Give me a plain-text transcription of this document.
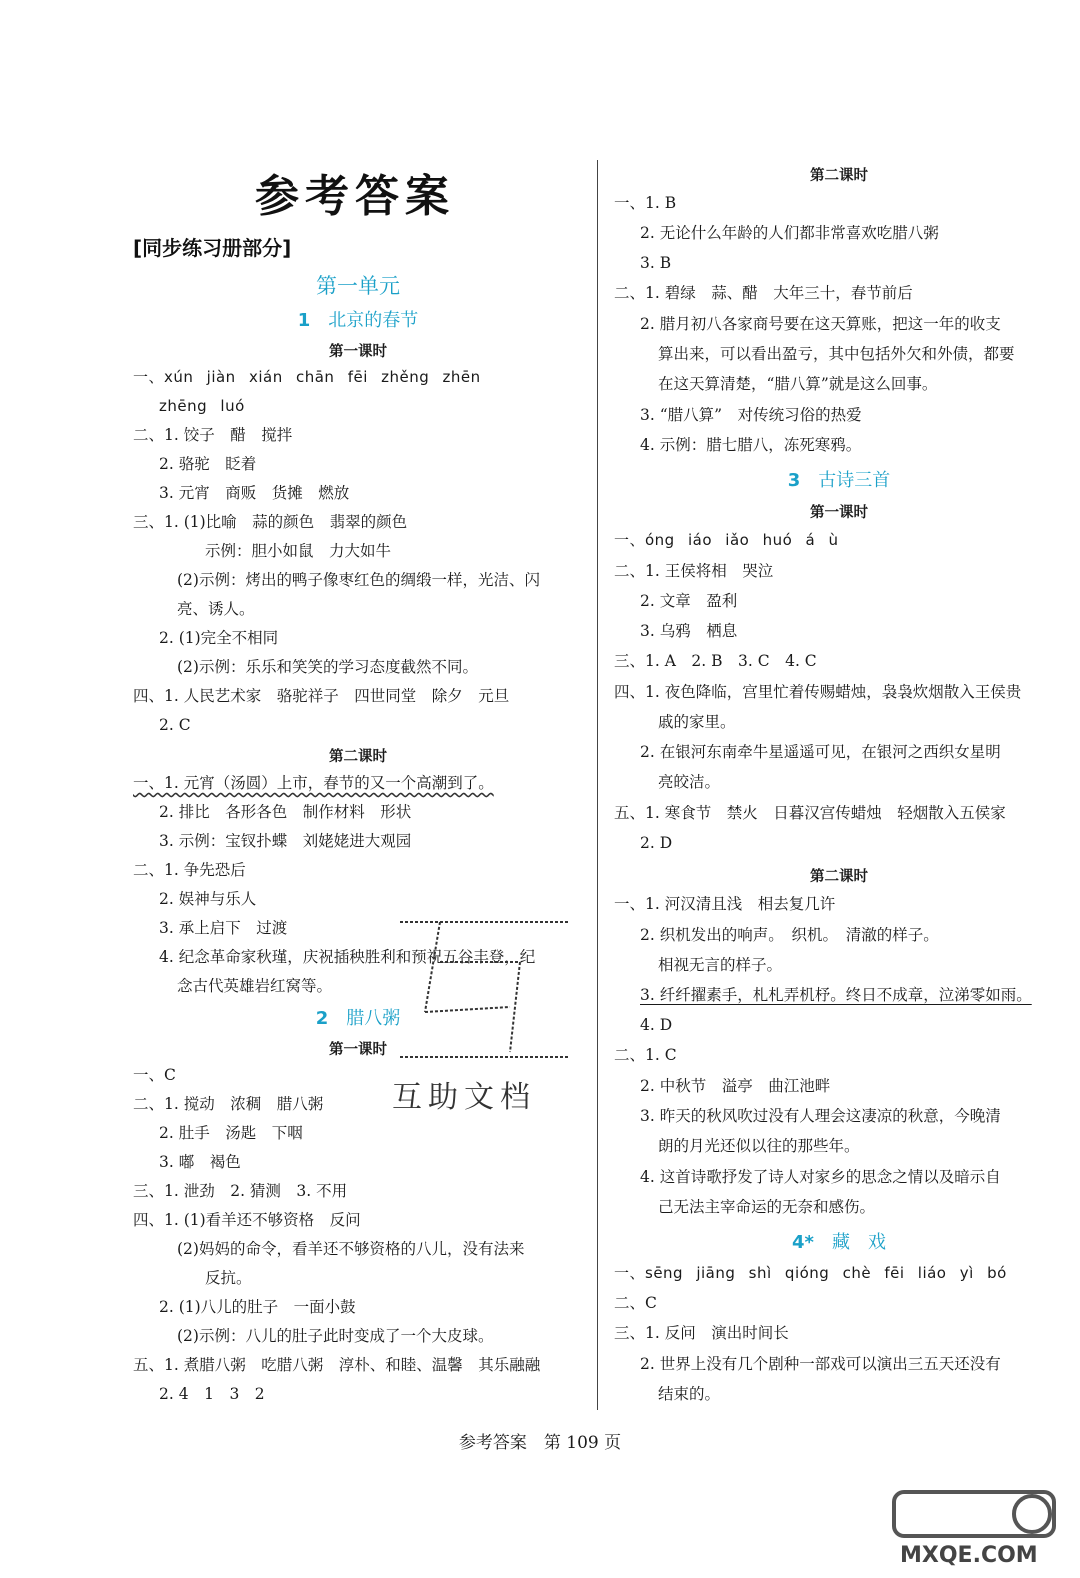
参考答案
[同步练习册部分]
第一单元
1 北京的春节
第一课时
一、xún jiàn xián chān fēi zhěng zhēn
zhēng luó
二、1. 饺子　醋　搅拌
2. 骆驼　眨着
3. 元宵　商贩　货摊　燃放
三、1. (1)比喻　蒜的颜色　翡翠的颜色
示例：胆小如鼠　力大如牛
(2)示例：烤出的鸭子像枣红色的绸缎一样，光洁、闪
亮、诱人。
2. (1)完全不相同
(2)示例：乐乐和笑笑的学习态度截然不同。
四、1. 人民艺术家　骆驼祥子　四世同堂　除夕　元旦
2. C
第二课时
一、1. 元宵（汤圆）上市，春节的又一个高潮到了。
2. 排比　各形各色　制作材料　形状
3. 示例：宝钗扑蝶　刘姥姥进大观园
二、1. 争先恐后
2. 娱神与乐人
3. 承上启下　过渡
4. 纪念革命家秋瑾，庆祝插秧胜利和预祝五谷丰登，纪
念古代英雄岩红窝等。
2 腊八粥
第一课时
一、C
二、1. 搅动　浓稠　腊八粥
2. 肚手　汤匙　下咽
3. 嘟　褐色
三、1. 泄劲　2. 猜测　3. 不用
四、1. (1)看羊还不够资格　反问
(2)妈妈的命令，看羊还不够资格的八儿，没有法来
反抗。
2. (1)八儿的肚子　一面小鼓
(2)示例：八儿的肚子此时变成了一个大皮球。
五、1. 煮腊八粥　吃腊八粥　淳朴、和睦、温馨　其乐融融
2. 4　1　3　2
第二课时
一、1. B
2. 无论什么年龄的人们都非常喜欢吃腊八粥
3. B
二、1. 碧绿　蒜、醋　大年三十，春节前后
2. 腊月初八各家商号要在这天算账，把这一年的收支
算出来，可以看出盈亏，其中包括外欠和外债，都要
在这天算清楚，“腊八算”就是这么回事。
3. “腊八算”　对传统习俗的热爱
4. 示例：腊七腊八，冻死寒鸦。
3 古诗三首
第一课时
一、óng iáo iǎo huó á ù
二、1. 王侯将相　哭泣
2. 文章　盈利
3. 乌鸦　栖息
三、1. A　2. B　3. C　4. C
四、1. 夜色降临，宫里忙着传赐蜡烛，袅袅炊烟散入王侯贵
戚的家里。
2. 在银河东南牵牛星遥遥可见，在银河之西织女星明
亮皎洁。
五、1. 寒食节　禁火　日暮汉宫传蜡烛　轻烟散入五侯家
2. D
第二课时
一、1. 河汉清且浅　相去复几许
2. 织机发出的响声。　织机。　清澈的样子。
相视无言的样子。
3. 纤纤擢素手，札札弄机杼。终日不成章，泣涕零如雨。
4. D
二、1. C
2. 中秋节　溢亭　曲江池畔
3. 昨天的秋风吹过没有人理会这凄凉的秋意，今晚清
朗的月光还似以往的那些年。
4. 这首诗歌抒发了诗人对家乡的思念之情以及暗示自
己无法主宰命运的无奈和感伤。
4* 藏　戏
一、sēng jiāng shì qióng chè fēi liáo yì bó
二、C
三、1. 反问　演出时间长
2. 世界上没有几个剧种一部戏可以演出三五天还没有
结束的。
互助文档
参考答案　第 109 页
MXQE.COM
